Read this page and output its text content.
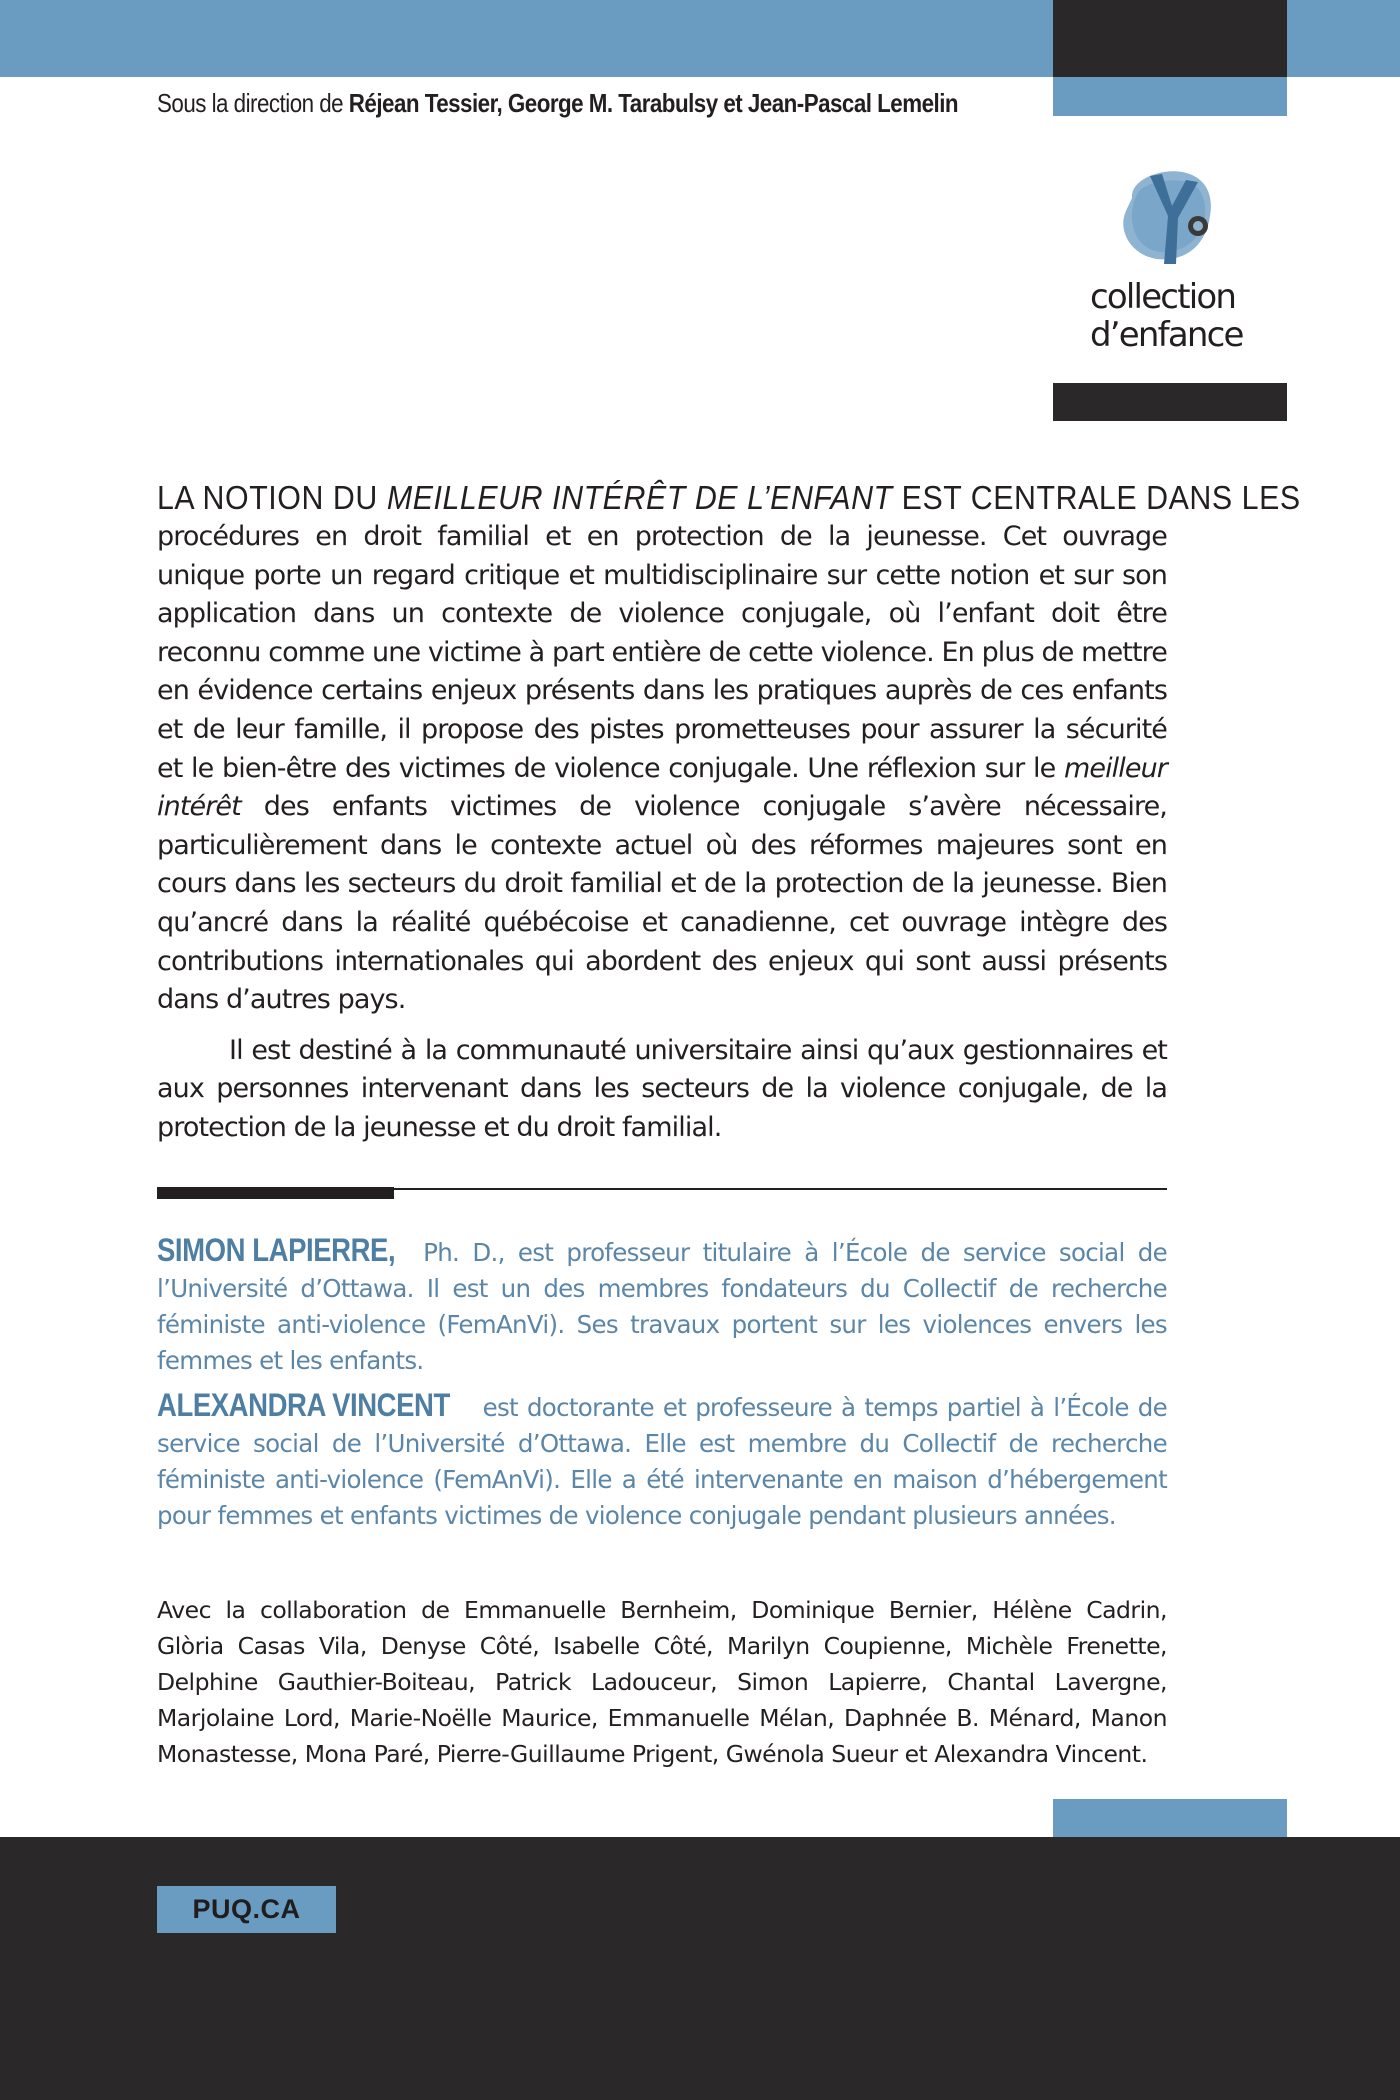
Sous la direction de Réjean Tessier, George M. Tarabulsy et Jean-Pascal Lemelin
collection
d’enfance
LA NOTION DU MEILLEUR INTÉRÊT DE L’ENFANT EST CENTRALE DANS LES

procédures en droit familial et en protection de la jeunesse. Cet ouvrage unique porte un regard critique et multidisciplinaire sur cette notion et sur son application dans un contexte de violence conjugale, où l’enfant doit être reconnu comme une victime à part entière de cette violence. En plus de mettre en évidence certains enjeux présents dans les pratiques auprès de ces enfants et de leur famille, il propose des pistes prometteuses pour assurer la sécurité et le bien-être des victimes de violence conjugale. Une réflexion sur le meilleur intérêt des enfants victimes de violence conjugale s’avère nécessaire, particulièrement dans le contexte actuel où des réformes majeures sont en cours dans les secteurs du droit familial et de la protection de la jeunesse. Bien qu’ancré dans la réalité québécoise et canadienne, cet ouvrage intègre des contributions internationales qui abordent des enjeux qui sont aussi présents dans d’autres pays.

Il est destiné à la communauté universitaire ainsi qu’aux gestionnaires et aux personnes intervenant dans les secteurs de la violence conjugale, de la protection de la jeunesse et du droit familial.

SIMON LAPIERRE, Ph. D., est professeur titulaire à l’École de service social de l’Université d’Ottawa. Il est un des membres fondateurs du Collectif de recherche féministe anti-violence (FemAnVi). Ses travaux portent sur les violences envers les femmes et les enfants.

ALEXANDRA VINCENT est doctorante et professeure à temps partiel à l’École de service social de l’Université d’Ottawa. Elle est membre du Collectif de recherche féministe anti-violence (FemAnVi). Elle a été intervenante en maison d’hébergement pour femmes et enfants victimes de violence conjugale pendant plusieurs années.

Avec la collaboration de Emmanuelle Bernheim, Dominique Bernier, Hélène Cadrin, Glòria Casas Vila, Denyse Côté, Isabelle Côté, Marilyn Coupienne, Michèle Frenette, Delphine Gauthier-Boiteau, Patrick Ladouceur, Simon Lapierre, Chantal Lavergne, Marjolaine Lord, Marie-Noëlle Maurice, Emmanuelle Mélan, Daphnée B. Ménard, Manon Monastesse, Mona Paré, Pierre-Guillaume Prigent, Gwénola Sueur et Alexandra Vincent.

PUQ.CA
